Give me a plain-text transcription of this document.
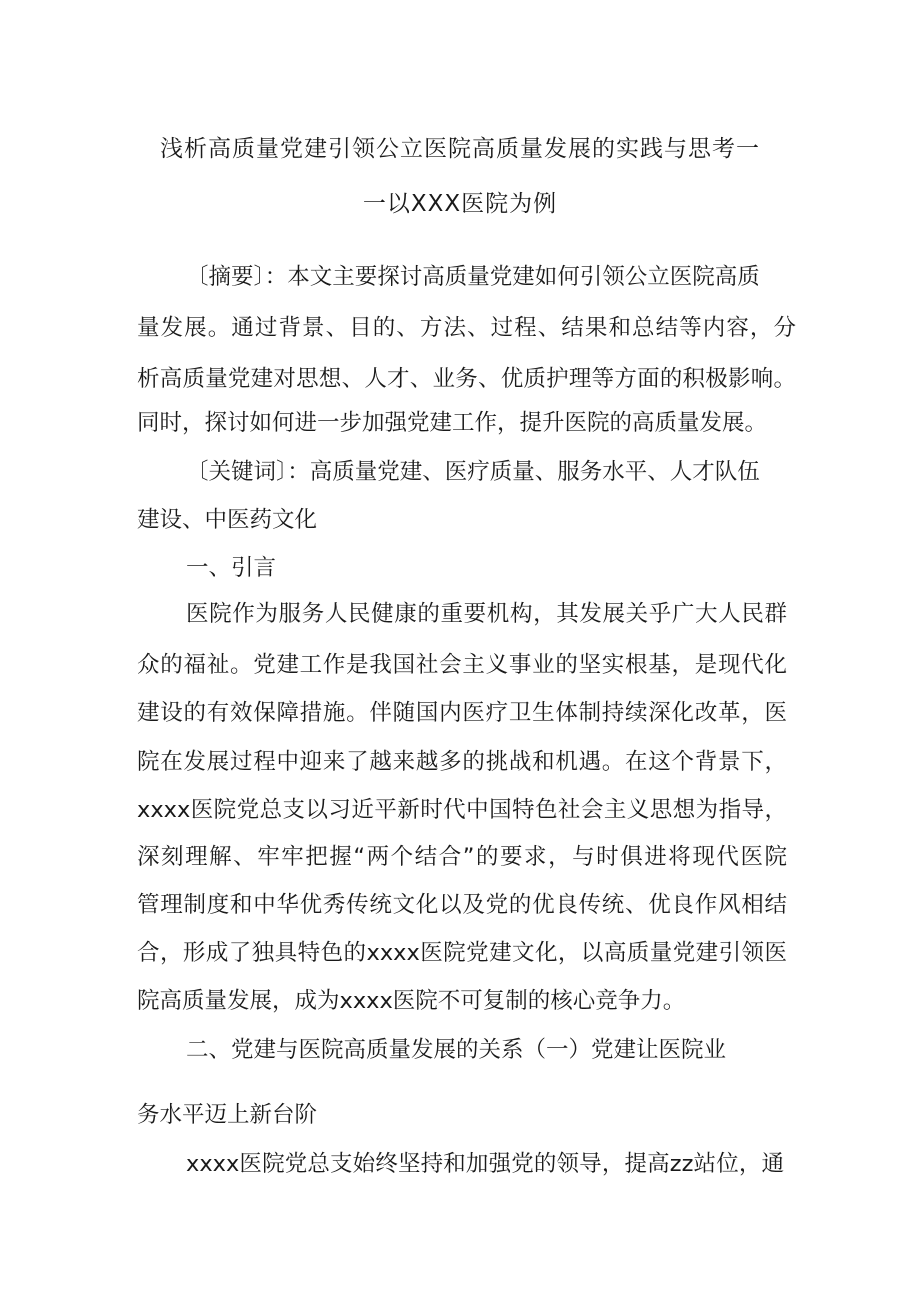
浅析高质量党建引领公立医院高质量发展的实践与思考一
一以XXX医院为例
〔摘要〕：本文主要探讨高质量党建如何引领公立医院高质
量发展。通过背景、目的、方法、过程、结果和总结等内容，分
析高质量党建对思想、人才、业务、优质护理等方面的积极影响。
同时，探讨如何进一步加强党建工作，提升医院的高质量发展。
〔关键词〕：高质量党建、医疗质量、服务水平、人才队伍
建设、中医药文化
一、引言
医院作为服务人民健康的重要机构，其发展关乎广大人民群
众的福祉。党建工作是我国社会主义事业的坚实根基，是现代化
建设的有效保障措施。伴随国内医疗卫生体制持续深化改革，医
院在发展过程中迎来了越来越多的挑战和机遇。在这个背景下，
xxxx医院党总支以习近平新时代中国特色社会主义思想为指导，
深刻理解、牢牢把握“两个结合”的要求，与时俱进将现代医院
管理制度和中华优秀传统文化以及党的优良传统、优良作风相结
合，形成了独具特色的xxxx医院党建文化，以高质量党建引领医
院高质量发展，成为xxxx医院不可复制的核心竞争力。
二、党建与医院高质量发展的关系（一）党建让医院业
务水平迈上新台阶
xxxx医院党总支始终坚持和加强党的领导，提高zz站位，通
